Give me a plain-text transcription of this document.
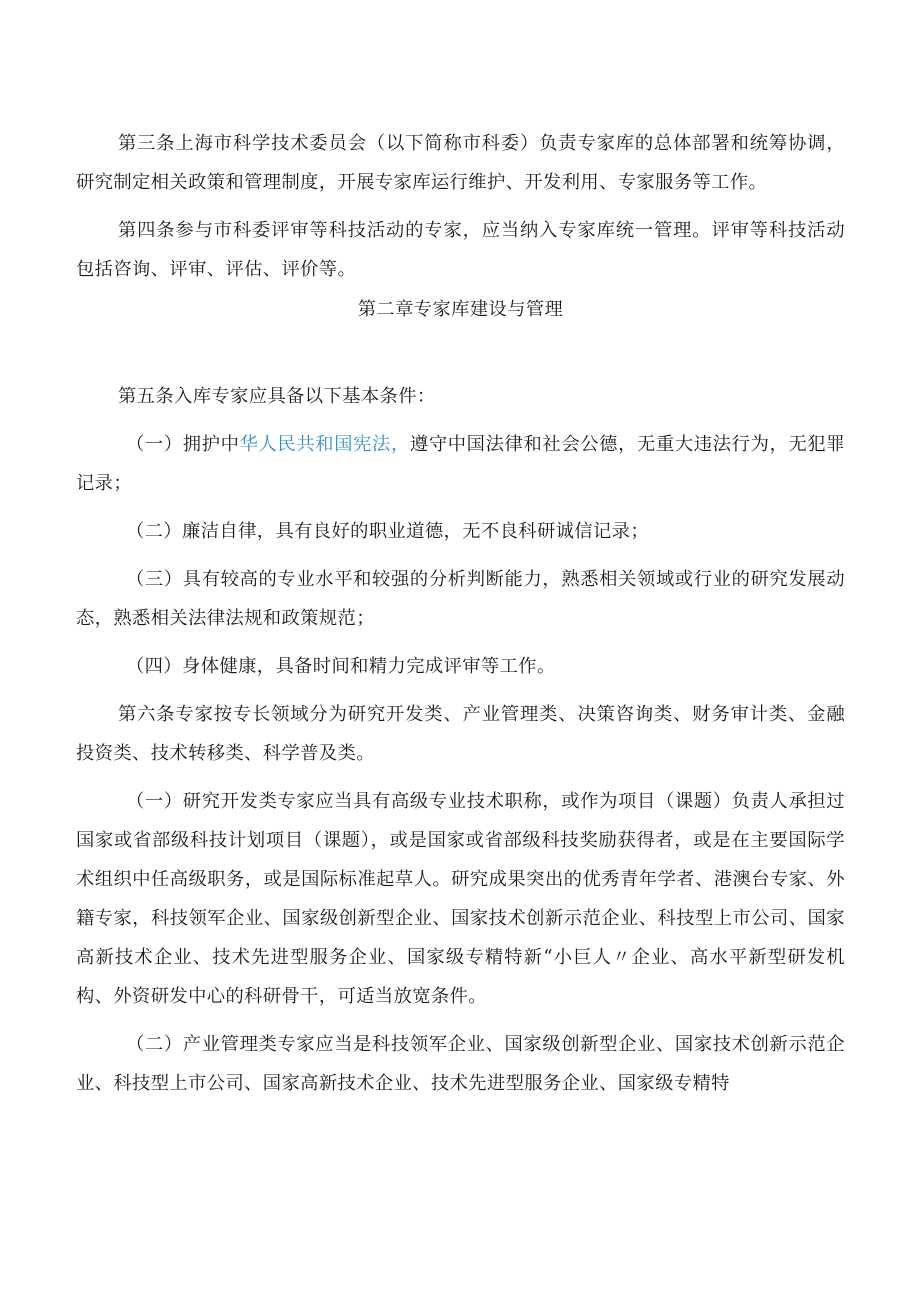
第三条上海市科学技术委员会（以下简称市科委）负责专家库的总体部署和统筹协调，研究制定相关政策和管理制度，开展专家库运行维护、开发利用、专家服务等工作。

第四条参与市科委评审等科技活动的专家，应当纳入专家库统一管理。评审等科技活动包括咨询、评审、评估、评价等。

第二章专家库建设与管理

第五条入库专家应具备以下基本条件：

（一）拥护中华人民共和国宪法，遵守中国法律和社会公德，无重大违法行为，无犯罪记录；

（二）廉洁自律，具有良好的职业道德，无不良科研诚信记录；

（三）具有较高的专业水平和较强的分析判断能力，熟悉相关领域或行业的研究发展动态，熟悉相关法律法规和政策规范；

（四）身体健康，具备时间和精力完成评审等工作。

第六条专家按专长领域分为研究开发类、产业管理类、决策咨询类、财务审计类、金融投资类、技术转移类、科学普及类。

（一）研究开发类专家应当具有高级专业技术职称，或作为项目（课题）负责人承担过国家或省部级科技计划项目（课题），或是国家或省部级科技奖励获得者，或是在主要国际学术组织中任高级职务，或是国际标准起草人。研究成果突出的优秀青年学者、港澳台专家、外籍专家，科技领军企业、国家级创新型企业、国家技术创新示范企业、科技型上市公司、国家高新技术企业、技术先进型服务企业、国家级专精特新“小巨人〃企业、高水平新型研发机构、外资研发中心的科研骨干，可适当放宽条件。

（二）产业管理类专家应当是科技领军企业、国家级创新型企业、国家技术创新示范企业、科技型上市公司、国家高新技术企业、技术先进型服务企业、国家级专精特
